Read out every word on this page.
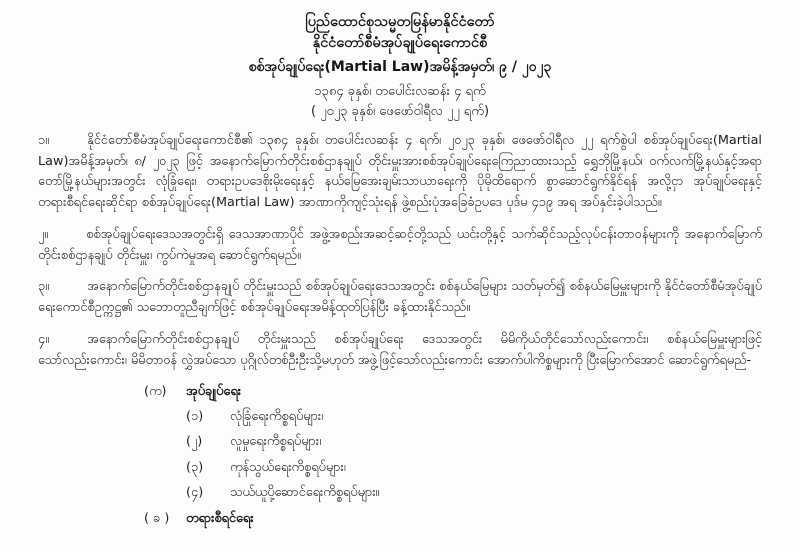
ပြည်ထောင်စုသမ္မတမြန်မာနိုင်ငံတော်
နိုင်ငံတော်စီမံအုပ်ချုပ်ရေးကောင်စီ
စစ်အုပ်ချုပ်ရေး(Martial Law)အမိန့်အမှတ်၊ ၉ / ၂၀၂၃
၁၃၈၄ ခုနှစ်၊ တပေါင်းလဆန်း ၄ ရက်
( ၂၀၂၃ ခုနှစ်၊ ဖေဖော်ဝါရီလ ၂၂ ရက်)
၁။	နိုင်ငံတော်စီမံအုပ်ချုပ်ရေးကောင်စီ၏ ၁၃၈၄ ခုနှစ်၊ တပေါင်းလဆန်း ၄ ရက်၊ ၂၀၂၃ ခုနှစ်၊ ဖေဖော်ဝါရီလ ၂၂ ရက်စွဲပါ စစ်အုပ်ချုပ်ရေး(Martial Law)အမိန့်အမှတ်၊ ၈/ ၂၀၂၃ ဖြင့် အနောက်မြောက်တိုင်းစစ်ဌာနချုပ် တိုင်းမှူးအားစစ်အုပ်ချုပ်ရေးကြေညာထားသည့် ရွှေဘိုမြို့နယ်၊ ဝက်လက်မြို့နယ်နှင့်အရာတော်မြို့နယ်များအတွင်း လုံခြုံရေး၊ တရားဥပဒေစိုးမိုးရေးနှင့် နယ်မြေအေးချမ်းသာယာရေးကို ပိုမိုထိရောက် စွာဆောင်ရွက်နိုင်ရန် အလို့ငှာ အုပ်ချုပ်ရေးနှင့် တရားစီရင်ရေးဆိုင်ရာ စစ်အုပ်ချုပ်ရေး(Martial Law) အာဏာကိုကျင့်သုံးရန် ဖွဲ့စည်းပုံအခြေခံဥပဒေ ပုဒ်မ ၄၁၉ အရ အပ်နှင်းခဲ့ပါသည်။
၂။	စစ်အုပ်ချုပ်ရေးဒေသအတွင်းရှိ ဒေသအာဏာပိုင် အဖွဲ့အစည်းအဆင့်ဆင့်တို့သည် ယင်းတို့နှင့် သက်ဆိုင်သည့်လုပ်ငန်းတာဝန်များကို အနောက်မြောက်တိုင်းစစ်ဌာနချုပ် တိုင်းမှူး၊ ကွပ်ကဲမှုအရ ဆောင်ရွက်ရမည်။
၃။	အနောက်မြောက်တိုင်းစစ်ဌာနချုပ် တိုင်းမှူးသည် စစ်အုပ်ချုပ်ရေးဒေသအတွင်း စစ်နယ်မြေများ သတ်မှတ်၍ စစ်နယ်မြေမှူးများကို နိုင်ငံတော်စီမံအုပ်ချုပ်ရေးကောင်စီဥက္ကဋ္ဌ၏ သဘောတူညီချက်ဖြင့် စစ်အုပ်ချုပ်ရေးအမိန့်ထုတ်ပြန်ပြီး ခန့်ထားနိုင်သည်။
၄။	အနောက်မြောက်တိုင်းစစ်ဌာနချုပ် တိုင်းမှူးသည် စစ်အုပ်ချုပ်ရေး ဒေသအတွင်း မိမိကိုယ်တိုင်သော်လည်းကောင်း၊ စစ်နယ်မြေမှူးများဖြင့်သော်လည်းကောင်း၊ မိမိတာဝန် လွှဲအပ်သော ပုဂ္ဂိုလ်တစ်ဦးဦးသို့မဟုတ် အဖွဲ့ဖြင့်သော်လည်းကောင်း အောက်ပါကိစ္စများကို ပြီးမြောက်အောင် ဆောင်ရွက်ရမည်-
(က) အုပ်ချုပ်ရေး
(၁) လုံခြုံရေးကိစ္စရပ်များ၊
(၂) လူမှုရေးကိစ္စရပ်များ၊
(၃) ကုန်သွယ်ရေးကိစ္စရပ်များ၊
(၄) သယ်ယူပို့ဆောင်ရေးကိစ္စရပ်များ။
( ခ ) တရားစီရင်ရေး
